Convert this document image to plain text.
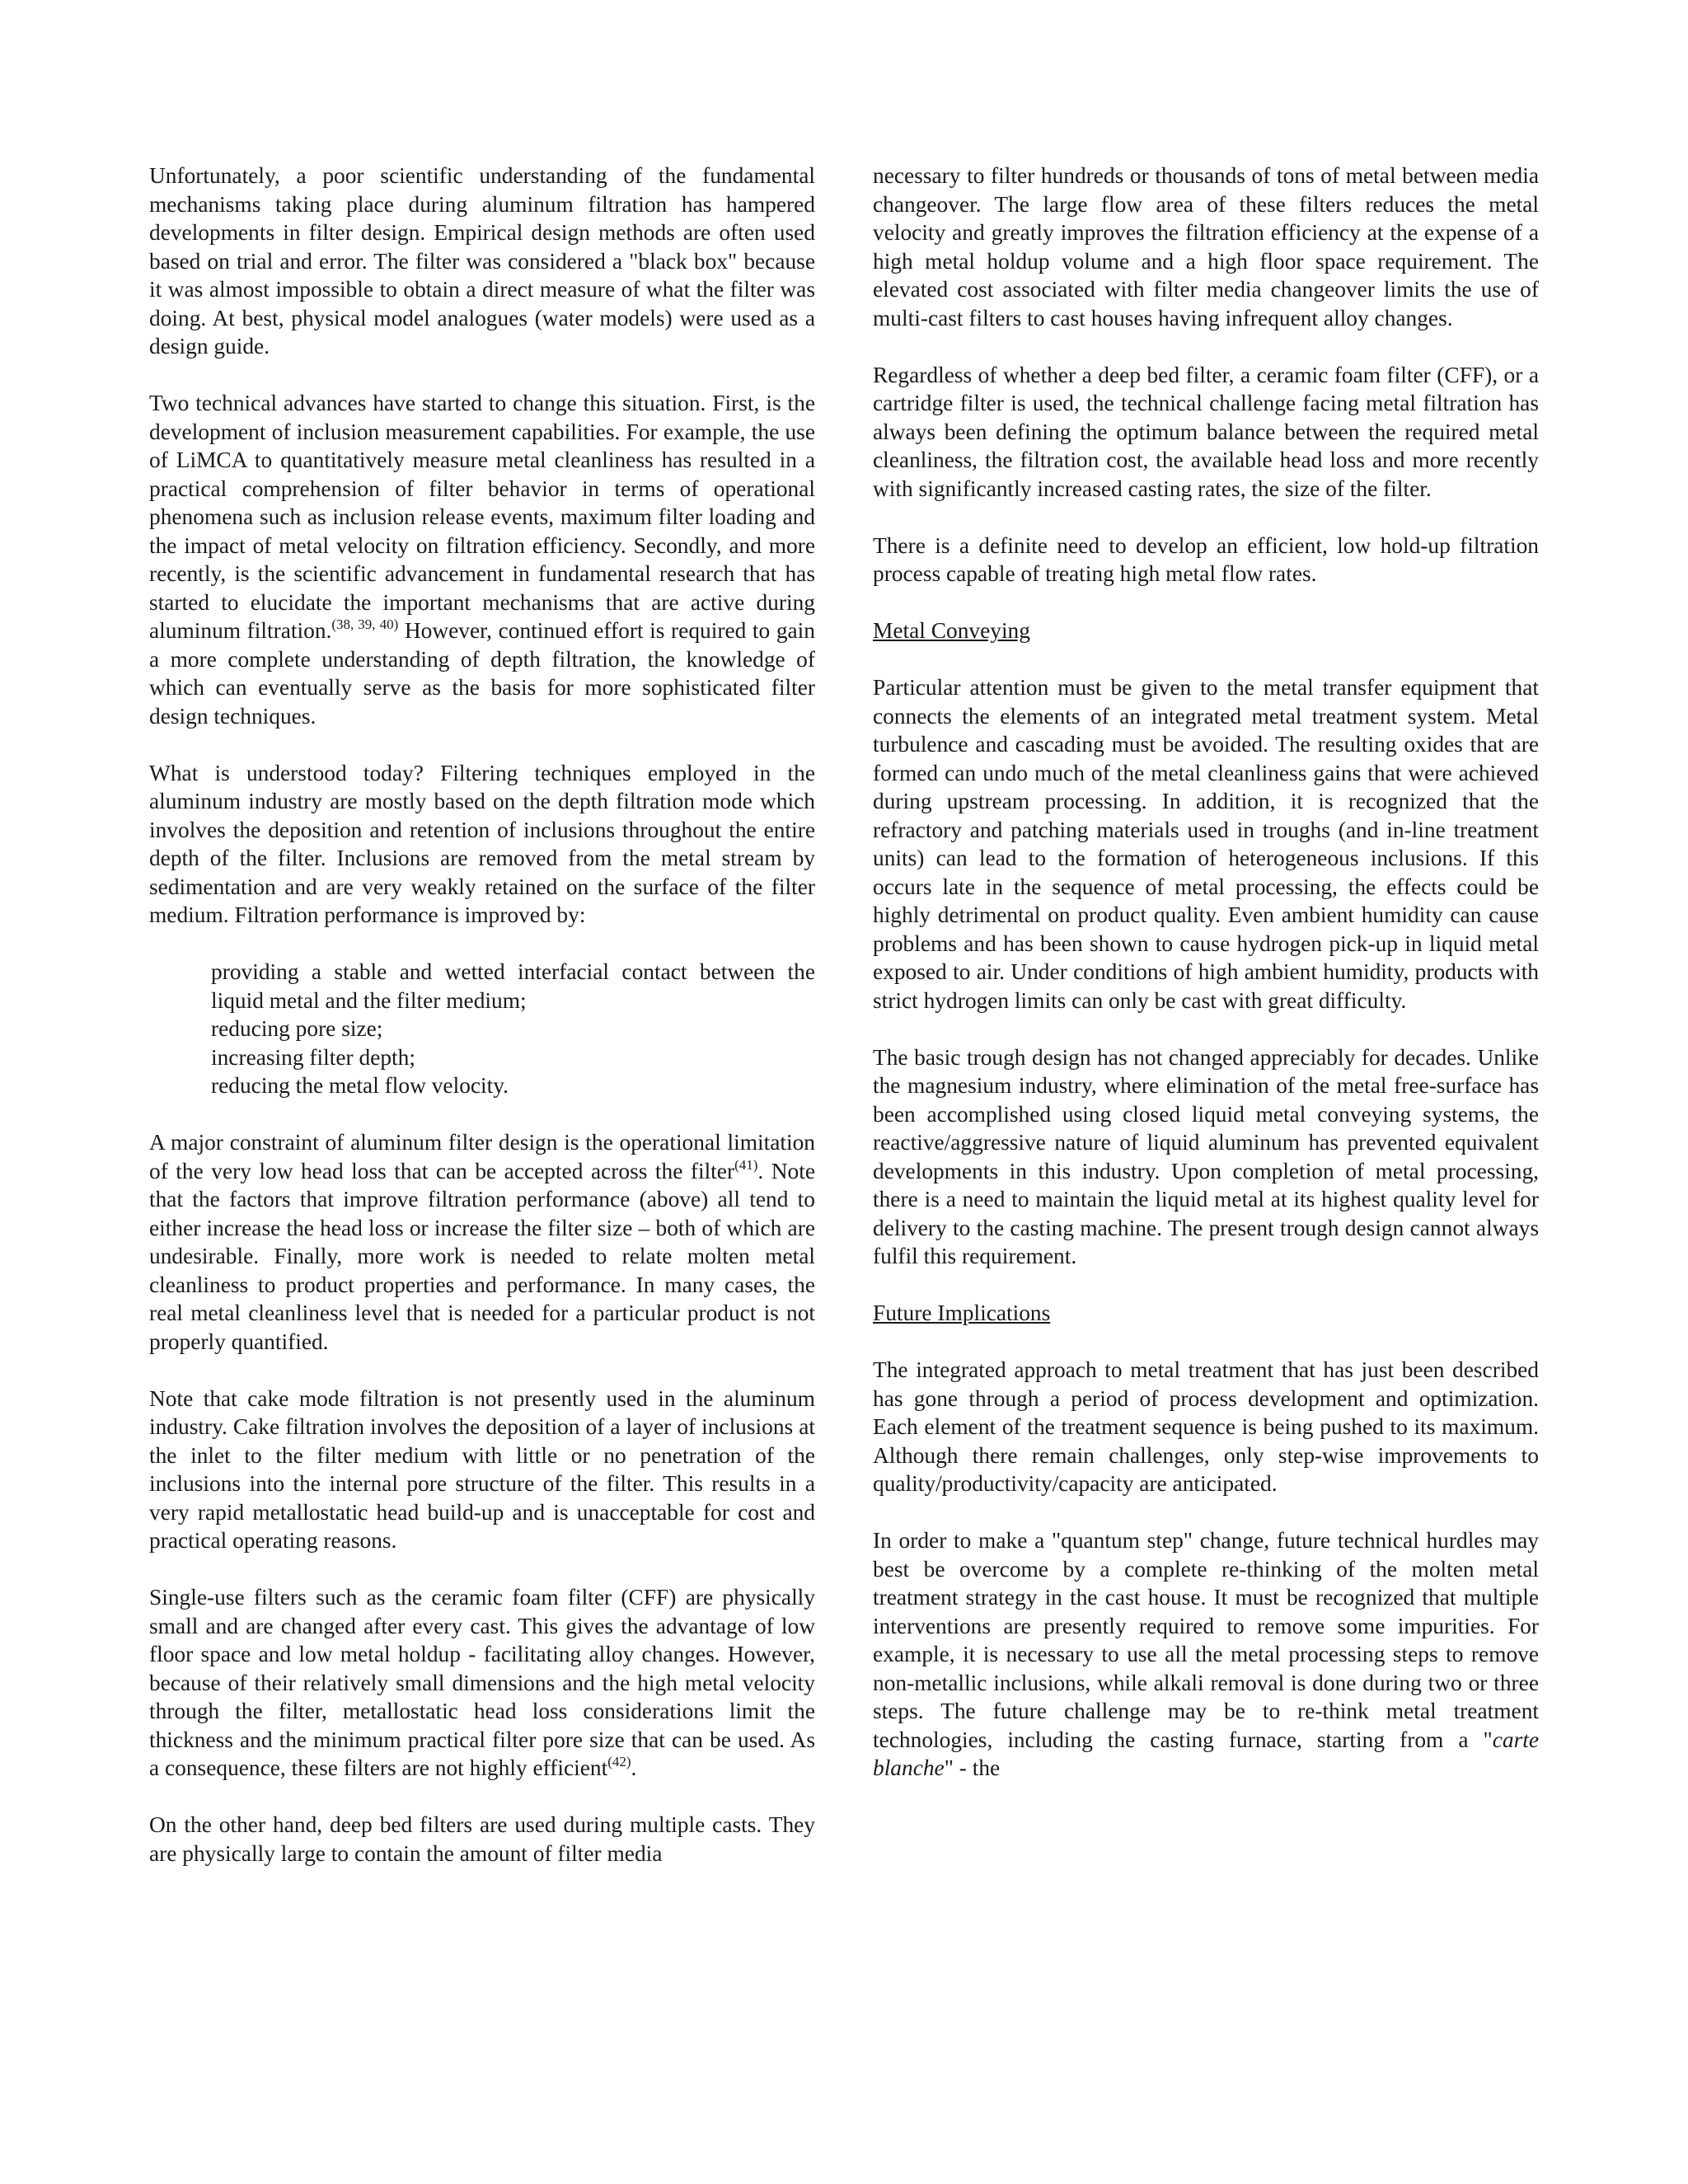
Unfortunately, a poor scientific understanding of the fundamental mechanisms taking place during aluminum filtration has hampered developments in filter design. Empirical design methods are often used based on trial and error. The filter was considered a "black box" because it was almost impossible to obtain a direct measure of what the filter was doing. At best, physical model analogues (water models) were used as a design guide.

Two technical advances have started to change this situation. First, is the development of inclusion measurement capabilities. For example, the use of LiMCA to quantitatively measure metal cleanliness has resulted in a practical comprehension of filter behavior in terms of operational phenomena such as inclusion release events, maximum filter loading and the impact of metal velocity on filtration efficiency. Secondly, and more recently, is the scientific advancement in fundamental research that has started to elucidate the important mechanisms that are active during aluminum filtration.$^{(38, 39, 40)}$ However, continued effort is required to gain a more complete understanding of depth filtration, the knowledge of which can eventually serve as the basis for more sophisticated filter design techniques.

What is understood today? Filtering techniques employed in the aluminum industry are mostly based on the depth filtration mode which involves the deposition and retention of inclusions throughout the entire depth of the filter. Inclusions are removed from the metal stream by sedimentation and are very weakly retained on the surface of the filter medium. Filtration performance is improved by:

providing a stable and wetted interfacial contact between the liquid metal and the filter medium;
reducing pore size;
increasing filter depth;
reducing the metal flow velocity.

A major constraint of aluminum filter design is the operational limitation of the very low head loss that can be accepted across the filter$^{(41)}$. Note that the factors that improve filtration performance (above) all tend to either increase the head loss or increase the filter size – both of which are undesirable. Finally, more work is needed to relate molten metal cleanliness to product properties and performance. In many cases, the real metal cleanliness level that is needed for a particular product is not properly quantified.

Note that cake mode filtration is not presently used in the aluminum industry. Cake filtration involves the deposition of a layer of inclusions at the inlet to the filter medium with little or no penetration of the inclusions into the internal pore structure of the filter. This results in a very rapid metallostatic head build-up and is unacceptable for cost and practical operating reasons.

Single-use filters such as the ceramic foam filter (CFF) are physically small and are changed after every cast. This gives the advantage of low floor space and low metal holdup - facilitating alloy changes. However, because of their relatively small dimensions and the high metal velocity through the filter, metallostatic head loss considerations limit the thickness and the minimum practical filter pore size that can be used. As a consequence, these filters are not highly efficient$^{(42)}$.

On the other hand, deep bed filters are used during multiple casts. They are physically large to contain the amount of filter media

necessary to filter hundreds or thousands of tons of metal between media changeover. The large flow area of these filters reduces the metal velocity and greatly improves the filtration efficiency at the expense of a high metal holdup volume and a high floor space requirement. The elevated cost associated with filter media changeover limits the use of multi-cast filters to cast houses having infrequent alloy changes.

Regardless of whether a deep bed filter, a ceramic foam filter (CFF), or a cartridge filter is used, the technical challenge facing metal filtration has always been defining the optimum balance between the required metal cleanliness, the filtration cost, the available head loss and more recently with significantly increased casting rates, the size of the filter.

There is a definite need to develop an efficient, low hold-up filtration process capable of treating high metal flow rates.

Metal Conveying

Particular attention must be given to the metal transfer equipment that connects the elements of an integrated metal treatment system. Metal turbulence and cascading must be avoided. The resulting oxides that are formed can undo much of the metal cleanliness gains that were achieved during upstream processing. In addition, it is recognized that the refractory and patching materials used in troughs (and in-line treatment units) can lead to the formation of heterogeneous inclusions. If this occurs late in the sequence of metal processing, the effects could be highly detrimental on product quality. Even ambient humidity can cause problems and has been shown to cause hydrogen pick-up in liquid metal exposed to air. Under conditions of high ambient humidity, products with strict hydrogen limits can only be cast with great difficulty.

The basic trough design has not changed appreciably for decades. Unlike the magnesium industry, where elimination of the metal free-surface has been accomplished using closed liquid metal conveying systems, the reactive/aggressive nature of liquid aluminum has prevented equivalent developments in this industry. Upon completion of metal processing, there is a need to maintain the liquid metal at its highest quality level for delivery to the casting machine. The present trough design cannot always fulfil this requirement.

Future Implications

The integrated approach to metal treatment that has just been described has gone through a period of process development and optimization. Each element of the treatment sequence is being pushed to its maximum. Although there remain challenges, only step-wise improvements to quality/productivity/capacity are anticipated.

In order to make a "quantum step" change, future technical hurdles may best be overcome by a complete re-thinking of the molten metal treatment strategy in the cast house. It must be recognized that multiple interventions are presently required to remove some impurities. For example, it is necessary to use all the metal processing steps to remove non-metallic inclusions, while alkali removal is done during two or three steps. The future challenge may be to re-think metal treatment technologies, including the casting furnace, starting from a "carte blanche" - the
